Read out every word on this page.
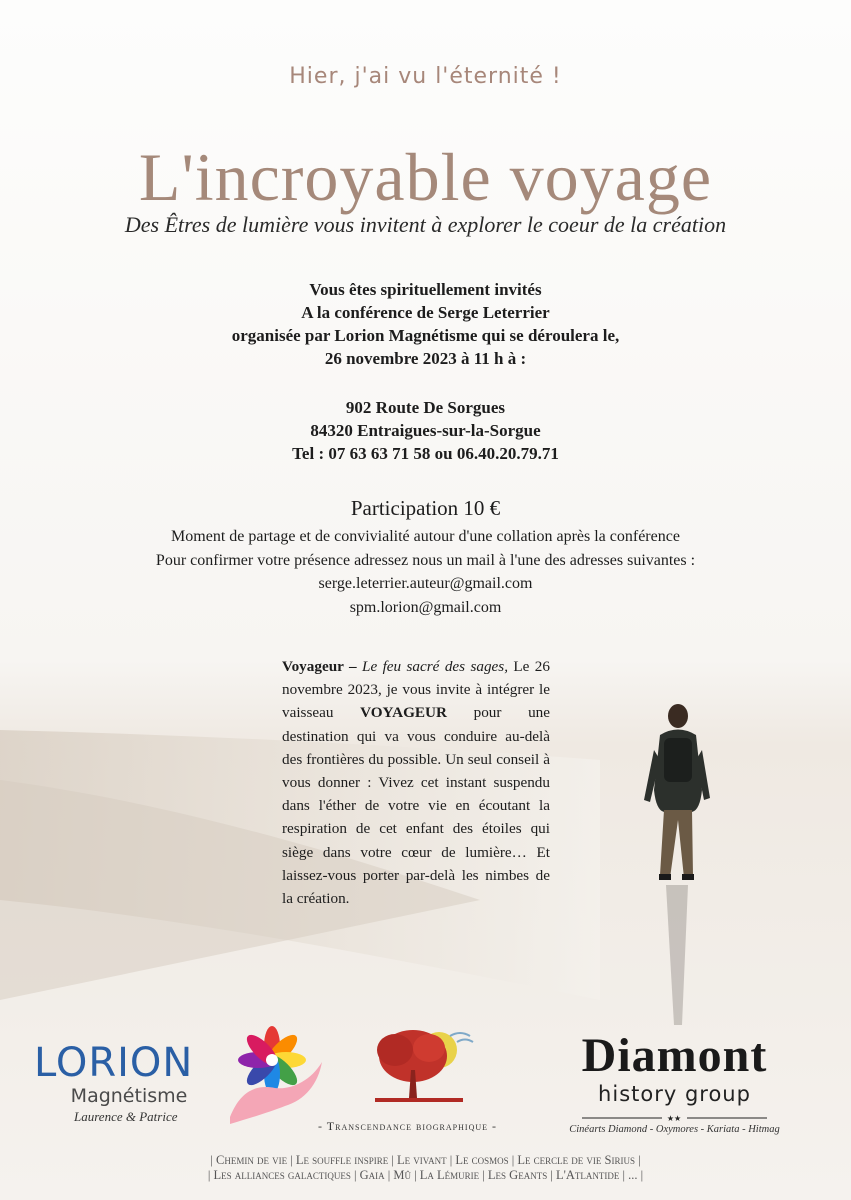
Hier, j'ai vu l'éternité !
L'incroyable voyage
Des Êtres de lumière vous invitent à explorer le coeur de la création
Vous êtes spirituellement invités
A la conférence de Serge Leterrier
organisée par Lorion Magnétisme qui se déroulera le,
26 novembre 2023 à 11 h à :
902 Route De Sorgues
84320 Entraigues-sur-la-Sorgue
Tel : 07 63 63 71 58 ou 06.40.20.79.71
Participation 10 €
Moment de partage et de convivialité autour d'une collation après la conférence
Pour confirmer votre présence adressez nous un mail à l'une des adresses suivantes :
serge.leterrier.auteur@gmail.com
spm.lorion@gmail.com
Voyageur – Le feu sacré des sages, Le 26 novembre 2023, je vous invite à intégrer le vaisseau VOYAGEUR pour une destination qui va vous conduire au-delà des frontières du possible. Un seul conseil à vous donner : Vivez cet instant suspendu dans l'éther de votre vie en écoutant la respiration de cet enfant des étoiles qui siège dans votre cœur de lumière… Et laissez-vous porter par-delà les nimbes de la création.
LORION
Magnétisme
Laurence & Patrice
Diamont
history group
★★
Cinéarts Diamond - Oxymores - Kariata - Hitmag
- Transcendance biographique -
| Chemin de vie | Le souffle inspire | Le vivant | Le cosmos | Le cercle de vie Sirius |
| Les alliances galactiques | Gaia | Mû | La Lémurie | Les Geants | L'Atlantide | ... |
